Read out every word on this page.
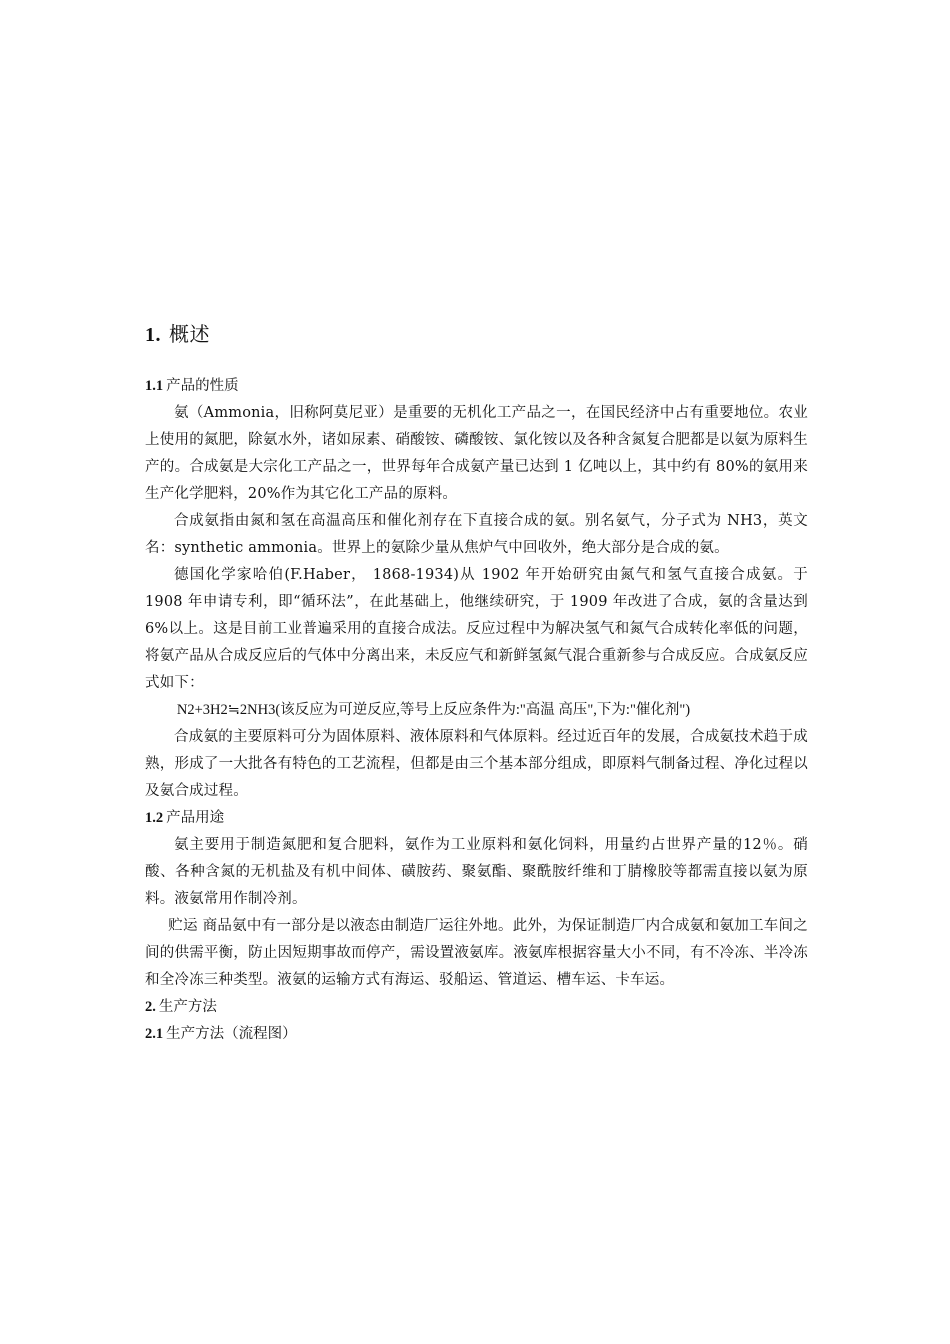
1. 概述
1.1 产品的性质

氨（Ammonia，旧称阿莫尼亚）是重要的无机化工产品之一，在国民经济中占有重要地位。农业上使用的氮肥，除氨水外，诸如尿素、硝酸铵、磷酸铵、氯化铵以及各种含氮复合肥都是以氨为原料生产的。合成氨是大宗化工产品之一，世界每年合成氨产量已达到 1 亿吨以上，其中约有 80%的氨用来生产化学肥料，20%作为其它化工产品的原料。

合成氨指由氮和氢在高温高压和催化剂存在下直接合成的氨。别名氨气，分子式为 NH3，英文名：synthetic ammonia。世界上的氨除少量从焦炉气中回收外，绝大部分是合成的氨。

德国化学家哈伯(F.Haber， 1868-1934)从 1902 年开始研究由氮气和氢气直接合成氨。于 1908 年申请专利，即“循环法”，在此基础上，他继续研究，于 1909 年改进了合成，氨的含量达到 6%以上。这是目前工业普遍采用的直接合成法。反应过程中为解决氢气和氮气合成转化率低的问题，将氨产品从合成反应后的气体中分离出来，未反应气和新鲜氢氮气混合重新参与合成反应。合成氨反应式如下：

N2+3H2≒2NH3(该反应为可逆反应,等号上反应条件为:"高温 高压",下为:"催化剂")

合成氨的主要原料可分为固体原料、液体原料和气体原料。经过近百年的发展，合成氨技术趋于成熟，形成了一大批各有特色的工艺流程，但都是由三个基本部分组成，即原料气制备过程、净化过程以及氨合成过程。

1.2 产品用途

氨主要用于制造氮肥和复合肥料，氨作为工业原料和氨化饲料，用量约占世界产量的12％。硝酸、各种含氮的无机盐及有机中间体、磺胺药、聚氨酯、聚酰胺纤维和丁腈橡胶等都需直接以氨为原料。液氨常用作制冷剂。

贮运 商品氨中有一部分是以液态由制造厂运往外地。此外，为保证制造厂内合成氨和氨加工车间之间的供需平衡，防止因短期事故而停产，需设置液氨库。液氨库根据容量大小不同，有不冷冻、半冷冻和全冷冻三种类型。液氨的运输方式有海运、驳船运、管道运、槽车运、卡车运。

2. 生产方法
2.1 生产方法（流程图）
